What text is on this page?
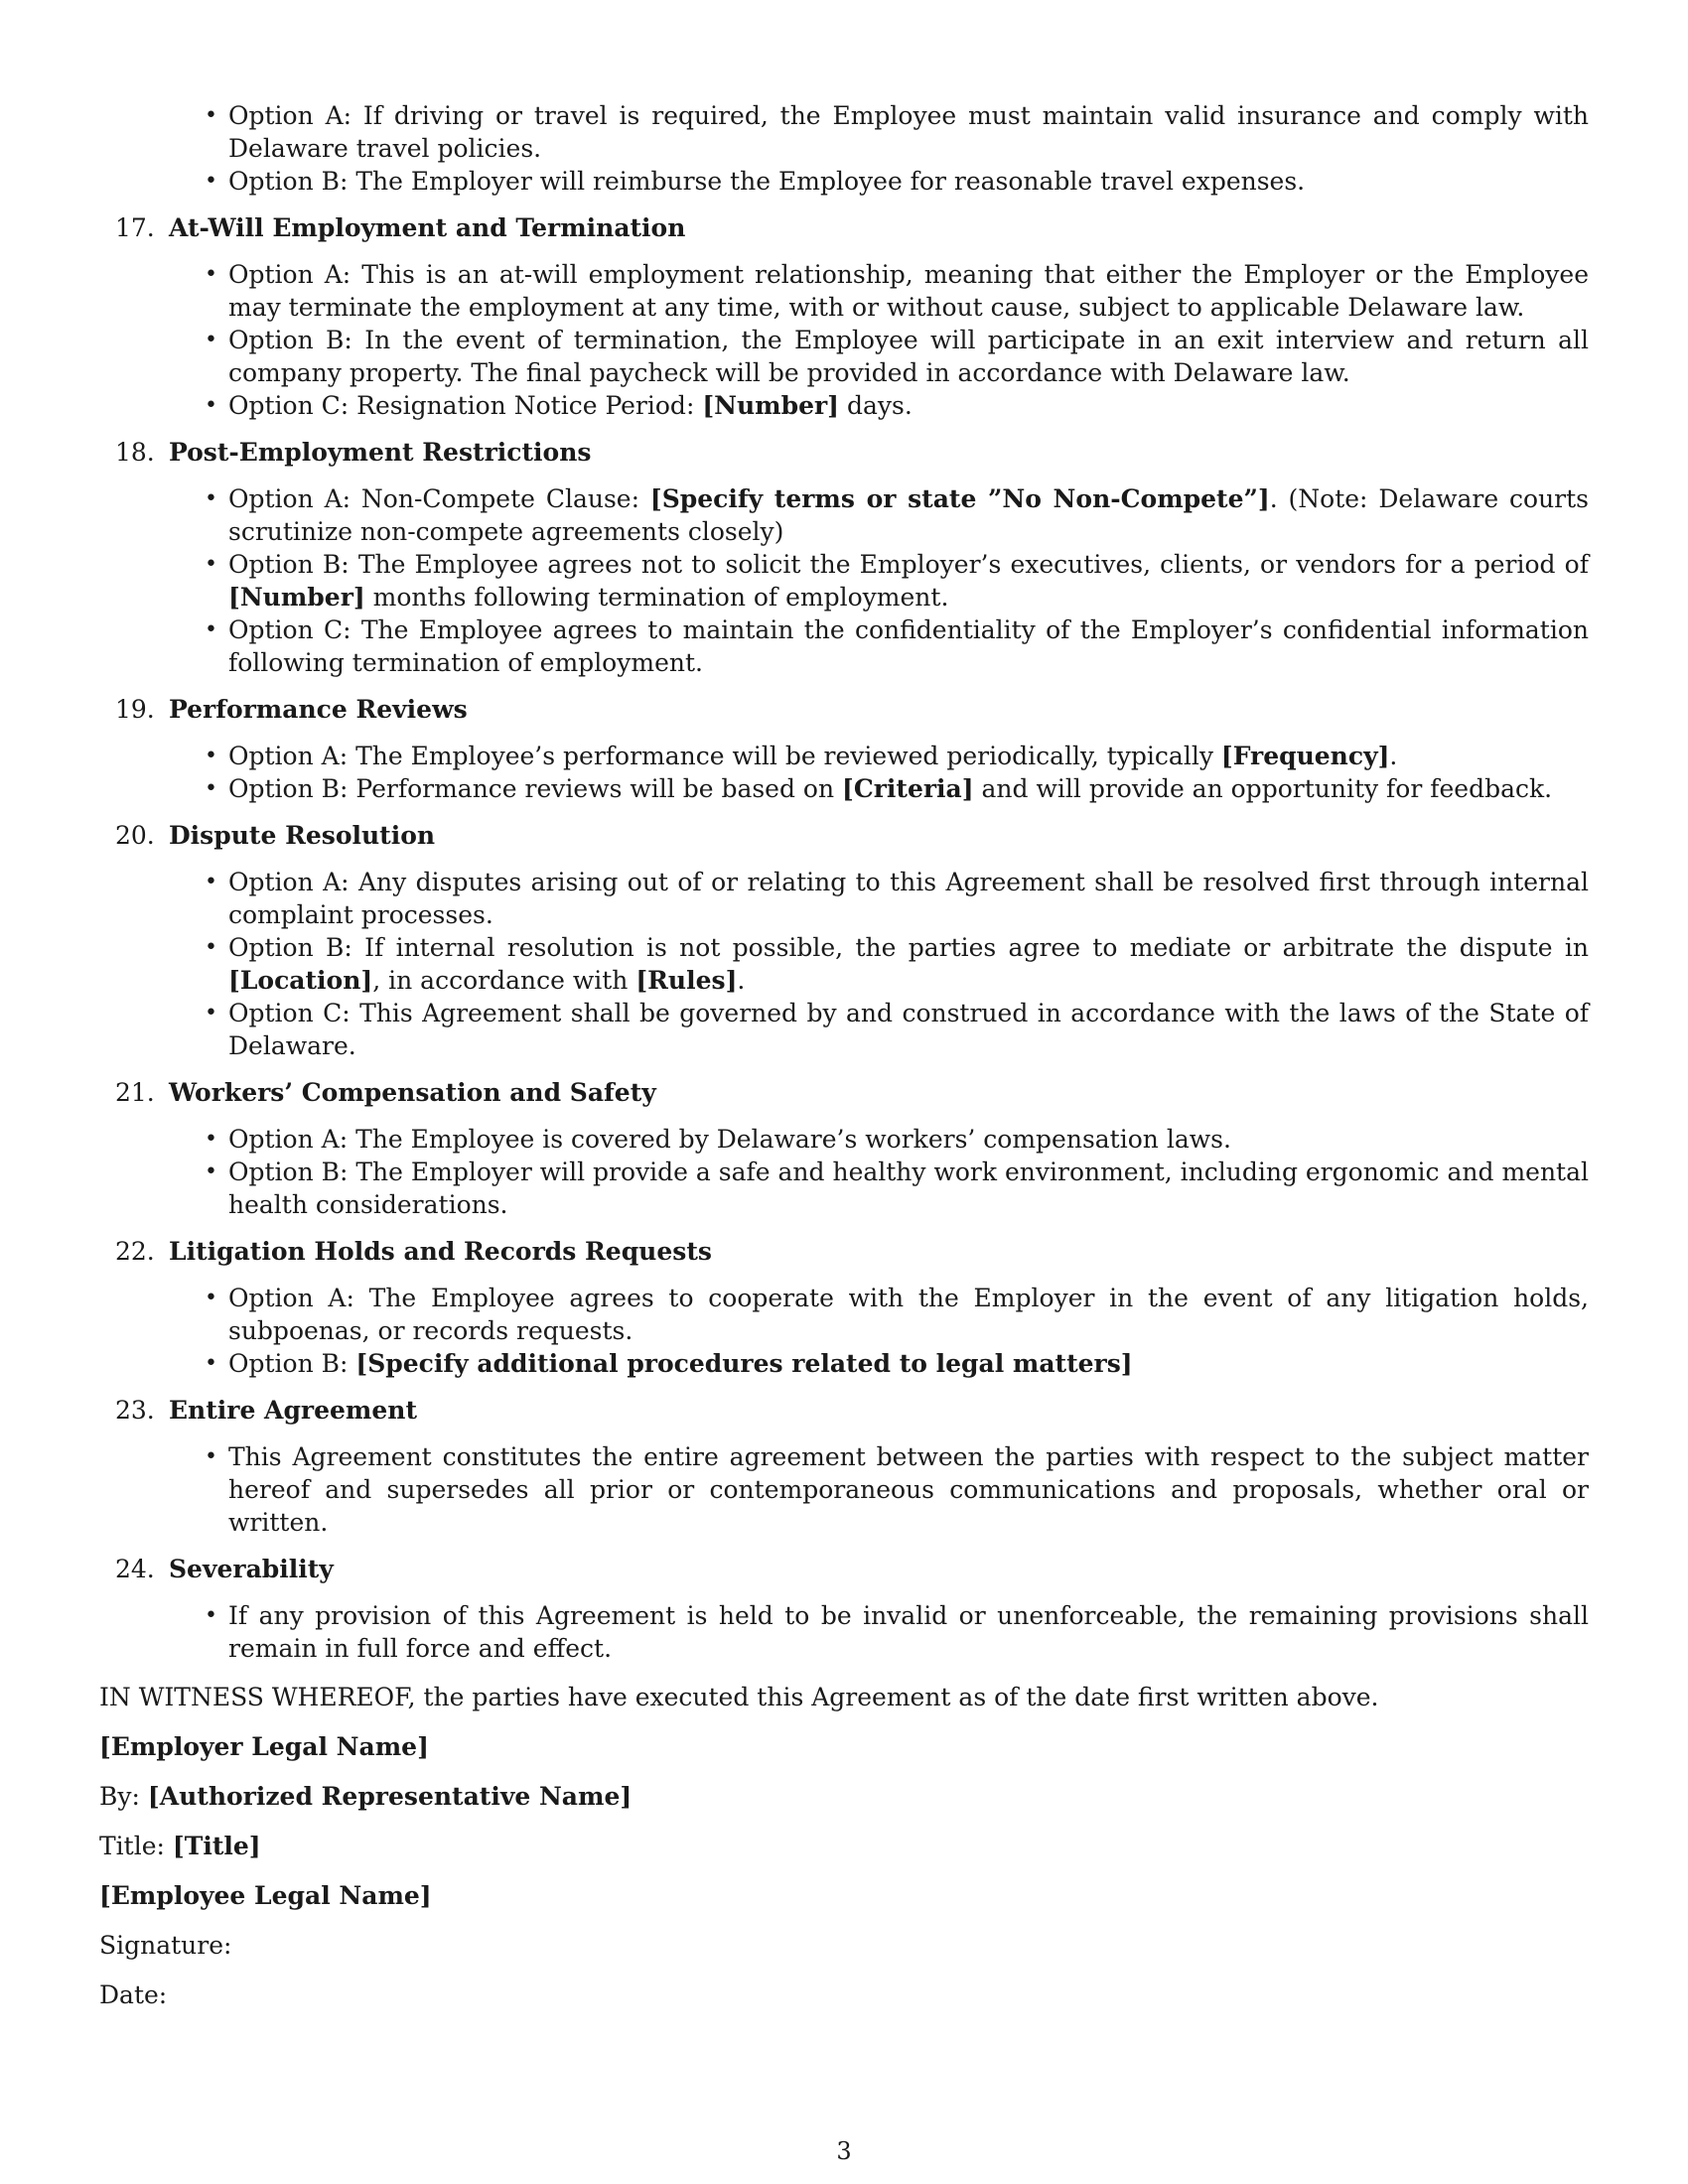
• Option A: If driving or travel is required, the Employee must maintain valid insurance and comply with Delaware travel policies.
• Option B: The Employer will reimburse the Employee for reasonable travel expenses.
17. At-Will Employment and Termination
• Option A: This is an at-will employment relationship, meaning that either the Employer or the Employee may terminate the employment at any time, with or without cause, subject to applicable Delaware law.
• Option B: In the event of termination, the Employee will participate in an exit interview and return all company property. The final paycheck will be provided in accordance with Delaware law.
• Option C: Resignation Notice Period: [Number] days.
18. Post-Employment Restrictions
• Option A: Non-Compete Clause: [Specify terms or state ”No Non-Compete”]. (Note: Delaware courts scrutinize non-compete agreements closely)
• Option B: The Employee agrees not to solicit the Employer’s executives, clients, or vendors for a period of [Number] months following termination of employment.
• Option C: The Employee agrees to maintain the confidentiality of the Employer’s confidential information following termination of employment.
19. Performance Reviews
• Option A: The Employee’s performance will be reviewed periodically, typically [Frequency].
• Option B: Performance reviews will be based on [Criteria] and will provide an opportunity for feedback.
20. Dispute Resolution
• Option A: Any disputes arising out of or relating to this Agreement shall be resolved first through internal complaint processes.
• Option B: If internal resolution is not possible, the parties agree to mediate or arbitrate the dispute in [Location], in accordance with [Rules].
• Option C: This Agreement shall be governed by and construed in accordance with the laws of the State of Delaware.
21. Workers’ Compensation and Safety
• Option A: The Employee is covered by Delaware’s workers’ compensation laws.
• Option B: The Employer will provide a safe and healthy work environment, including ergonomic and mental health considerations.
22. Litigation Holds and Records Requests
• Option A: The Employee agrees to cooperate with the Employer in the event of any litigation holds, subpoenas, or records requests.
• Option B: [Specify additional procedures related to legal matters]
23. Entire Agreement
• This Agreement constitutes the entire agreement between the parties with respect to the subject matter hereof and supersedes all prior or contemporaneous communications and proposals, whether oral or written.
24. Severability
• If any provision of this Agreement is held to be invalid or unenforceable, the remaining provisions shall remain in full force and effect.

IN WITNESS WHEREOF, the parties have executed this Agreement as of the date first written above.

[Employer Legal Name]

By: [Authorized Representative Name]

Title: [Title]

[Employee Legal Name]

Signature:

Date:

3
